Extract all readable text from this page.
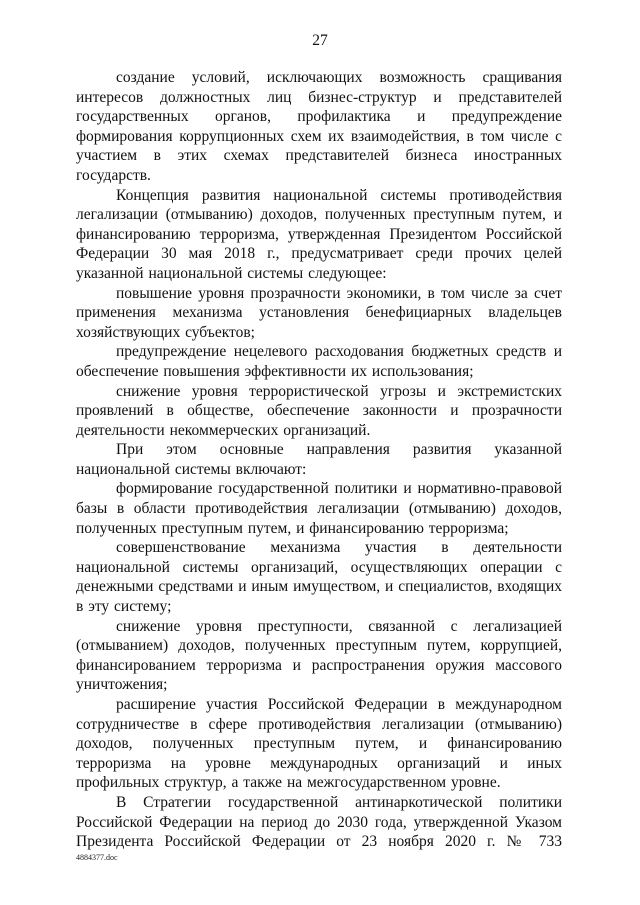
27

создание условий, исключающих возможность сращивания интересов должностных лиц бизнес-структур и представителей государственных органов, профилактика и предупреждение формирования коррупционных схем их взаимодействия, в том числе с участием в этих схемах представителей бизнеса иностранных государств.

Концепция развития национальной системы противодействия легализации (отмыванию) доходов, полученных преступным путем, и финансированию терроризма, утвержденная Президентом Российской Федерации 30 мая 2018 г., предусматривает среди прочих целей указанной национальной системы следующее:

повышение уровня прозрачности экономики, в том числе за счет применения механизма установления бенефициарных владельцев хозяйствующих субъектов;

предупреждение нецелевого расходования бюджетных средств и обеспечение повышения эффективности их использования;

снижение уровня террористической угрозы и экстремистских проявлений в обществе, обеспечение законности и прозрачности деятельности некоммерческих организаций.

При этом основные направления развития указанной национальной системы включают:

формирование государственной политики и нормативно-правовой базы в области противодействия легализации (отмыванию) доходов, полученных преступным путем, и финансированию терроризма;

совершенствование механизма участия в деятельности национальной системы организаций, осуществляющих операции с денежными средствами и иным имуществом, и специалистов, входящих в эту систему;

снижение уровня преступности, связанной с легализацией (отмыванием) доходов, полученных преступным путем, коррупцией, финансированием терроризма и распространения оружия массового уничтожения;

расширение участия Российской Федерации в международном сотрудничестве в сфере противодействия легализации (отмыванию) доходов, полученных преступным путем, и финансированию терроризма на уровне международных организаций и иных профильных структур, а также на межгосударственном уровне.

В Стратегии государственной антинаркотической политики Российской Федерации на период до 2030 года, утвержденной Указом Президента Российской Федерации от 23 ноября 2020 г. № 733

4884377.doc
